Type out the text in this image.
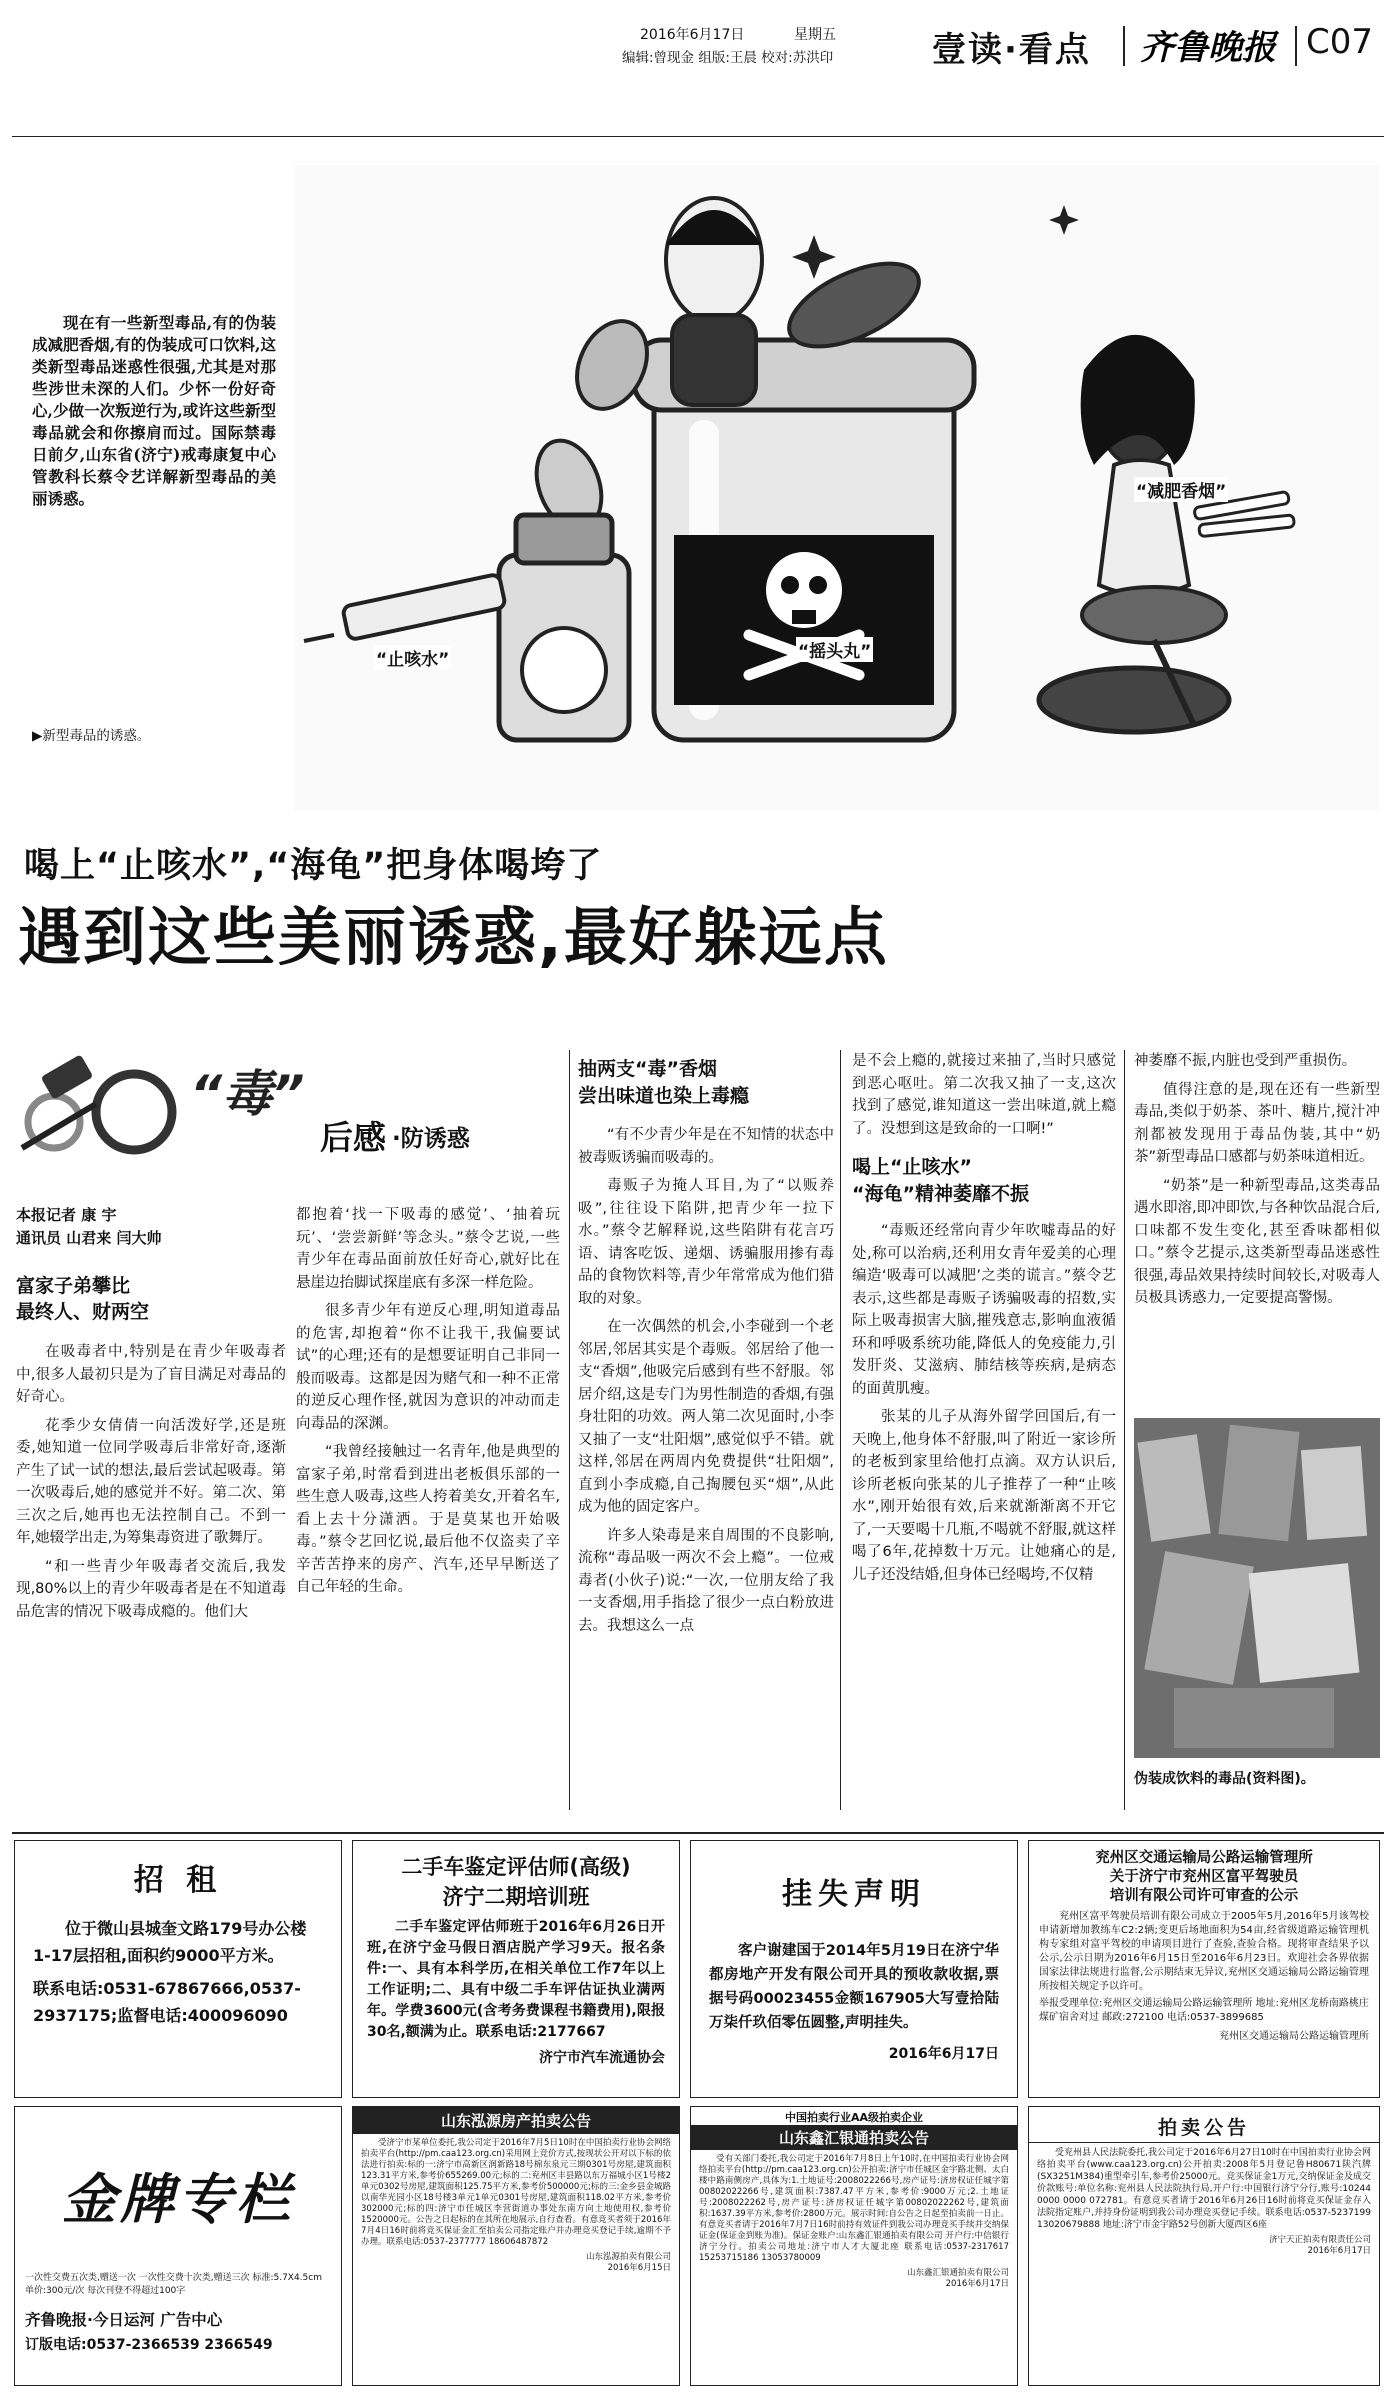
2016年6月17日	星期五
编辑:曾现金 组版:王晨 校对:苏洪印	壹读·看点 齐鲁晚报 C07
现在有一些新型毒品,有的伪装成减肥香烟,有的伪装成可口饮料,这类新型毒品迷惑性很强,尤其是对那些涉世未深的人们。少怀一份好奇心,少做一次叛逆行为,或许这些新型毒品就会和你擦肩而过。国际禁毒日前夕,山东省(济宁)戒毒康复中心管教科长蔡令艺详解新型毒品的美丽诱惑。
“止咳水”	“摇头丸”
“减肥香烟”
▶新型毒品的诱惑。
喝上“止咳水”,“海龟”把身体喝垮了
遇到这些美丽诱惑,最好躲远点
“毒”
后感 ·防诱惑
本报记者 康 宇
通讯员 山君来 闫大帅
富家子弟攀比
最终人、财两空

在吸毒者中,特别是在青少年吸毒者中,很多人最初只是为了盲目满足对毒品的好奇心。

花季少女倩倩一向活泼好学,还是班委,她知道一位同学吸毒后非常好奇,逐渐产生了试一试的想法,最后尝试起吸毒。第一次吸毒后,她的感觉并不好。第二次、第三次之后,她再也无法控制自己。不到一年,她辍学出走,为筹集毒资进了歌舞厅。

“和一些青少年吸毒者交流后,我发现,80%以上的青少年吸毒者是在不知道毒品危害的情况下吸毒成瘾的。他们大

都抱着‘找一下吸毒的感觉’、‘抽着玩玩’、‘尝尝新鲜’等念头。”蔡令艺说,一些青少年在毒品面前放任好奇心,就好比在悬崖边抬脚试探崖底有多深一样危险。

很多青少年有逆反心理,明知道毒品的危害,却抱着“你不让我干,我偏要试试”的心理;还有的是想要证明自己非同一般而吸毒。这都是因为赌气和一种不正常的逆反心理作怪,就因为意识的冲动而走向毒品的深渊。

“我曾经接触过一名青年,他是典型的富家子弟,时常看到进出老板俱乐部的一些生意人吸毒,这些人挎着美女,开着名车,看上去十分潇洒。于是莫某也开始吸毒。”蔡令艺回忆说,最后他不仅盗卖了辛辛苦苦挣来的房产、汽车,还早早断送了自己年轻的生命。

抽两支“毒”香烟
尝出味道也染上毒瘾

“有不少青少年是在不知情的状态中被毒贩诱骗而吸毒的。

毒贩子为掩人耳目,为了“以贩养吸”,往往设下陷阱,把青少年一拉下水。”蔡令艺解释说,这些陷阱有花言巧语、请客吃饭、递烟、诱骗服用掺有毒品的食物饮料等,青少年常常成为他们猎取的对象。

在一次偶然的机会,小李碰到一个老邻居,邻居其实是个毒贩。邻居给了他一支“香烟”,他吸完后感到有些不舒服。邻居介绍,这是专门为男性制造的香烟,有强身壮阳的功效。两人第二次见面时,小李又抽了一支“壮阳烟”,感觉似乎不错。就这样,邻居在两周内免费提供“壮阳烟”,直到小李成瘾,自己掏腰包买“烟”,从此成为他的固定客户。

许多人染毒是来自周围的不良影响,流称“毒品吸一两次不会上瘾”。一位戒毒者(小伙子)说:“一次,一位朋友给了我一支香烟,用手指捻了很少一点白粉放进去。我想这么一点

是不会上瘾的,就接过来抽了,当时只感觉到恶心呕吐。第二次我又抽了一支,这次找到了感觉,谁知道这一尝出味道,就上瘾了。没想到这是致命的一口啊!”

喝上“止咳水”
“海龟”精神萎靡不振

“毒贩还经常向青少年吹嘘毒品的好处,称可以治病,还利用女青年爱美的心理编造‘吸毒可以减肥’之类的谎言。”蔡令艺表示,这些都是毒贩子诱骗吸毒的招数,实际上吸毒损害大脑,摧残意志,影响血液循环和呼吸系统功能,降低人的免疫能力,引发肝炎、艾滋病、肺结核等疾病,是病态的面黄肌瘦。

张某的儿子从海外留学回国后,有一天晚上,他身体不舒服,叫了附近一家诊所的老板到家里给他打点滴。双方认识后,诊所老板向张某的儿子推荐了一种“止咳水”,刚开始很有效,后来就渐渐离不开它了,一天要喝十几瓶,不喝就不舒服,就这样喝了6年,花掉数十万元。让她痛心的是,儿子还没结婚,但身体已经喝垮,不仅精

神萎靡不振,内脏也受到严重损伤。

值得注意的是,现在还有一些新型毒品,类似于奶茶、茶叶、糖片,搅汁冲剂都被发现用于毒品伪装,其中“奶茶”新型毒品口感都与奶茶味道相近。

“奶茶”是一种新型毒品,这类毒品遇水即溶,即冲即饮,与各种饮品混合后,口味都不发生变化,甚至香味都相似口。”蔡令艺提示,这类新型毒品迷惑性很强,毒品效果持续时间较长,对吸毒人员极具诱惑力,一定要提高警惕。

伪装成饮料的毒品(资料图)。
招 租
位于微山县城奎文路179号办公楼1-17层招租,面积约9000平方米。
联系电话:0531-67867666,0537-2937175;监督电话:400096090
二手车鉴定评估师(高级)
济宁二期培训班
二手车鉴定评估师班于2016年6月26日开班,在济宁金马假日酒店脱产学习9天。报名条件:一、具有本科学历,在相关单位工作7年以上工作证明;二、具有中级二手车评估证执业满两年。学费3600元(含考务费课程书籍费用),限报30名,额满为止。联系电话:2177667
济宁市汽车流通协会
挂失声明
客户谢建国于2014年5月19日在济宁华都房地产开发有限公司开具的预收款收据,票据号码00023455金额167905大写壹拾陆万柒仟玖佰零伍圆整,声明挂失。
2016年6月17日
兖州区交通运输局公路运输管理所
关于济宁市兖州区富平驾驶员
培训有限公司许可审查的公示
兖州区富平驾驶员培训有限公司成立于2005年5月,2016年5月该驾校申请新增加教练车C2:2辆;变更后场地面积为54亩,经省级道路运输管理机构专家组对富平驾校的申请项目进行了查验,查验合格。现将审查结果予以公示,公示日期为2016年6月15日至2016年6月23日。欢迎社会各界依据国家法律法规进行监督,公示期结束无异议,兖州区交通运输局公路运输管理所按相关规定予以许可。
举报受理单位:兖州区交通运输局公路运输管理所 地址:兖州区龙桥南路桃庄煤矿宿舍对过 邮政:272100 电话:0537-3899685
兖州区交通运输局公路运输管理所
金牌专栏
一次性交费五次类,赠送一次 一次性交费十次类,赠送三次 标准:5.7X4.5cm 单价:300元/次 每次刊登不得超过100字
齐鲁晚报·今日运河 广告中心
订版电话:0537-2366539 2366549
山东泓源房产拍卖公告
受济宁市某单位委托,我公司定于2016年7月5日10时在中国拍卖行业协会网络拍卖平台(http://pm.caa123.org.cn)采用网上竞价方式,按现状公开对以下标的依法进行拍卖:标的一:济宁市高新区润新路18号棉东泉元三期0301号房屋,建筑面积123.31平方米,参考价655269.00元;标的二:兖州区丰县路以东万福城小区1号楼2单元0302号房屋,建筑面积125.75平方米,参考价500000元;标的三:金乡县金城路以南华光园小区18号楼3单元1单元0301号房屋,建筑面积118.02平方米,参考价302000元;标的四:济宁市任城区李营街道办事处东南方向土地使用权,参考价1520000元。公告之日起标的在其所在地展示,自行查看。有意竞买者须于2016年7月4日16时前将竞买保证金汇至拍卖公司指定账户并办理竞买登记手续,逾期不予办理。联系电话:0537-2377777 18606487872
山东泓源拍卖有限公司
2016年6月15日
中国拍卖行业AA级拍卖企业
山东鑫汇银通拍卖公告
受有关部门委托,我公司定于2016年7月8日上午10时,在中国拍卖行业协会网络拍卖平台(http://pm.caa123.org.cn)公开拍卖:济宁市任城区金宇路北侧、太白楼中路南侧房产,具体为:1.土地证号:2008022266号,房产证号:济房权证任城字第00802022266号,建筑面积:7387.47平方米,参考价:9000万元;2.土地证号:2008022262号,房产证号:济房权证任城字第00802022262号,建筑面积:1637.39平方米,参考价:2800万元。展示时间:自公告之日起至拍卖前一日止。有意竞买者请于2016年7月7日16时前持有效证件到我公司办理竞买手续并交纳保证金(保证金到账为准)。保证金账户:山东鑫汇银通拍卖有限公司 开户行:中信银行济宁分行。拍卖公司地址:济宁市人才大厦北座 联系电话:0537-2317617 15253715186 13053780009
山东鑫汇银通拍卖有限公司
2016年6月17日
拍卖公告
受兖州县人民法院委托,我公司定于2016年6月27日10时在中国拍卖行业协会网络拍卖平台(www.caa123.org.cn)公开拍卖:2008年5月登记鲁H80671陕汽牌(SX3251M384)重型牵引车,参考价25000元。竞买保证金1万元,交纳保证金及成交价款账号:单位名称:兖州县人民法院执行局,开户行:中国银行济宁分行,账号:10244 0000 0000 072781。有意竞买者请于2016年6月26日16时前将竞买保证金存入法院指定账户,并持身份证明到我公司办理竞买登记手续。联系电话:0537-5237199 13020679888 地址:济宁市金宇路52号创新大厦西区6座
济宁天正拍卖有限责任公司
2016年6月17日
